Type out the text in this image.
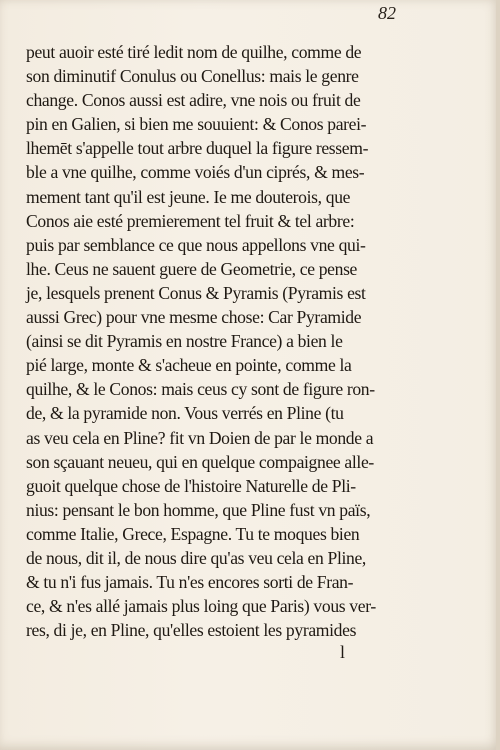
82
peut auoir esté tiré ledit nom de quilhe, comme de
son diminutif Conulus ou Conellus: mais le genre
change. Conos aussi est adire, vne nois ou fruit de
pin en Galien, si bien me souuient: & Conos parei-
lhemēt s'appelle tout arbre duquel la figure ressem-
ble a vne quilhe, comme voiés d'un ciprés, & mes-
mement tant qu'il est jeune. Ie me douterois, que
Conos aie esté premierement tel fruit & tel arbre:
puis par semblance ce que nous appellons vne qui-
lhe. Ceus ne sauent guere de Geometrie, ce pense
je, lesquels prenent Conus & Pyramis (Pyramis est
aussi Grec) pour vne mesme chose: Car Pyramide
(ainsi se dit Pyramis en nostre France) a bien le
pié large, monte & s'acheue en pointe, comme la
quilhe, & le Conos: mais ceus cy sont de figure ron-
de, & la pyramide non. Vous verrés en Pline (tu
as veu cela en Pline? fit vn Doien de par le monde a
son sçauant neueu, qui en quelque compaignee alle-
guoit quelque chose de l'histoire Naturelle de Pli-
nius: pensant le bon homme, que Pline fust vn païs,
comme Italie, Grece, Espagne. Tu te moques bien
de nous, dit il, de nous dire qu'as veu cela en Pline,
& tu n'i fus jamais. Tu n'es encores sorti de Fran-
ce, & n'es allé jamais plus loing que Paris) vous ver-
res, di je, en Pline, qu'elles estoient les pyramides
l
